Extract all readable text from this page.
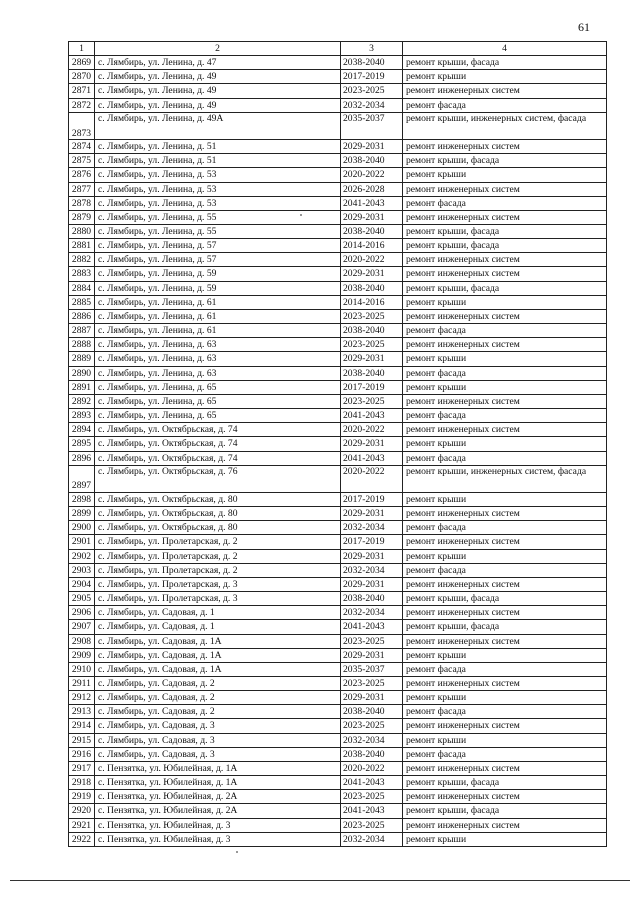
61
1	2	3	4
2869	с. Лямбирь, ул. Ленина, д. 47	2038-2040	ремонт крыши, фасада
2870	с. Лямбирь, ул. Ленина, д. 49	2017-2019	ремонт крыши
2871	с. Лямбирь, ул. Ленина, д. 49	2023-2025	ремонт инженерных систем
2872	с. Лямбирь, ул. Ленина, д. 49	2032-2034	ремонт фасада
2873	с. Лямбирь, ул. Ленина, д. 49А	2035-2037	ремонт крыши, инженерных систем, фасада
2874	с. Лямбирь, ул. Ленина, д. 51	2029-2031	ремонт инженерных систем
2875	с. Лямбирь, ул. Ленина, д. 51	2038-2040	ремонт крыши, фасада
2876	с. Лямбирь, ул. Ленина, д. 53	2020-2022	ремонт крыши
2877	с. Лямбирь, ул. Ленина, д. 53	2026-2028	ремонт инженерных систем
2878	с. Лямбирь, ул. Ленина, д. 53	2041-2043	ремонт фасада
2879	с. Лямбирь, ул. Ленина, д. 55	2029-2031	ремонт инженерных систем
2880	с. Лямбирь, ул. Ленина, д. 55	2038-2040	ремонт крыши, фасада
2881	с. Лямбирь, ул. Ленина, д. 57	2014-2016	ремонт крыши, фасада
2882	с. Лямбирь, ул. Ленина, д. 57	2020-2022	ремонт инженерных систем
2883	с. Лямбирь, ул. Ленина, д. 59	2029-2031	ремонт инженерных систем
2884	с. Лямбирь, ул. Ленина, д. 59	2038-2040	ремонт крыши, фасада
2885	с. Лямбирь, ул. Ленина, д. 61	2014-2016	ремонт крыши
2886	с. Лямбирь, ул. Ленина, д. 61	2023-2025	ремонт инженерных систем
2887	с. Лямбирь, ул. Ленина, д. 61	2038-2040	ремонт фасада
2888	с. Лямбирь, ул. Ленина, д. 63	2023-2025	ремонт инженерных систем
2889	с. Лямбирь, ул. Ленина, д. 63	2029-2031	ремонт крыши
2890	с. Лямбирь, ул. Ленина, д. 63	2038-2040	ремонт фасада
2891	с. Лямбирь, ул. Ленина, д. 65	2017-2019	ремонт крыши
2892	с. Лямбирь, ул. Ленина, д. 65	2023-2025	ремонт инженерных систем
2893	с. Лямбирь, ул. Ленина, д. 65	2041-2043	ремонт фасада
2894	с. Лямбирь, ул. Октябрьская, д. 74	2020-2022	ремонт инженерных систем
2895	с. Лямбирь, ул. Октябрьская, д. 74	2029-2031	ремонт крыши
2896	с. Лямбирь, ул. Октябрьская, д. 74	2041-2043	ремонт фасада
2897	с. Лямбирь, ул. Октябрьская, д. 76	2020-2022	ремонт крыши, инженерных систем, фасада
2898	с. Лямбирь, ул. Октябрьская, д. 80	2017-2019	ремонт крыши
2899	с. Лямбирь, ул. Октябрьская, д. 80	2029-2031	ремонт инженерных систем
2900	с. Лямбирь, ул. Октябрьская, д. 80	2032-2034	ремонт фасада
2901	с. Лямбирь, ул. Пролетарская, д. 2	2017-2019	ремонт инженерных систем
2902	с. Лямбирь, ул. Пролетарская, д. 2	2029-2031	ремонт крыши
2903	с. Лямбирь, ул. Пролетарская, д. 2	2032-2034	ремонт фасада
2904	с. Лямбирь, ул. Пролетарская, д. 3	2029-2031	ремонт инженерных систем
2905	с. Лямбирь, ул. Пролетарская, д. 3	2038-2040	ремонт крыши, фасада
2906	с. Лямбирь, ул. Садовая, д. 1	2032-2034	ремонт инженерных систем
2907	с. Лямбирь, ул. Садовая, д. 1	2041-2043	ремонт крыши, фасада
2908	с. Лямбирь, ул. Садовая, д. 1А	2023-2025	ремонт инженерных систем
2909	с. Лямбирь, ул. Садовая, д. 1А	2029-2031	ремонт крыши
2910	с. Лямбирь, ул. Садовая, д. 1А	2035-2037	ремонт фасада
2911	с. Лямбирь, ул. Садовая, д. 2	2023-2025	ремонт инженерных систем
2912	с. Лямбирь, ул. Садовая, д. 2	2029-2031	ремонт крыши
2913	с. Лямбирь, ул. Садовая, д. 2	2038-2040	ремонт фасада
2914	с. Лямбирь, ул. Садовая, д. 3	2023-2025	ремонт инженерных систем
2915	с. Лямбирь, ул. Садовая, д. 3	2032-2034	ремонт крыши
2916	с. Лямбирь, ул. Садовая, д. 3	2038-2040	ремонт фасада
2917	с. Пензятка, ул. Юбилейная, д. 1А	2020-2022	ремонт инженерных систем
2918	с. Пензятка, ул. Юбилейная, д. 1А	2041-2043	ремонт крыши, фасада
2919	с. Пензятка, ул. Юбилейная, д. 2А	2023-2025	ремонт инженерных систем
2920	с. Пензятка, ул. Юбилейная, д. 2А	2041-2043	ремонт крыши, фасада
2921	с. Пензятка, ул. Юбилейная, д. 3	2023-2025	ремонт инженерных систем
2922	с. Пензятка, ул. Юбилейная, д. 3	2032-2034	ремонт крыши
